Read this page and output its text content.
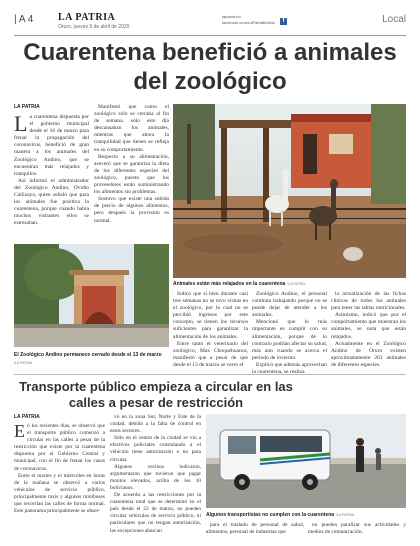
| A 4 LA PATRIA
Oruro, jueves 9 de abril de 2020
lapatria.bo
facebook.com/LaPatriaBolivia	f	Local
Cuarentena benefició a animales del zoológico
LA PATRIA

La cuarentena dispuesta por el gobierno municipal desde el 16 de marzo para frenar la propagación del coronavirus, benefició de gran manera a los animales del Zoológico Andino, que se encuentran más relajados y tranquilos.

Así informó el administrador del Zoológico Andino, Ovidio Callizaya, quien señaló que para los animales fue positiva la cuarentena, porque cuando había muchos visitantes ellos se estresaban.

Manifestó que como el zoológico sólo se cerraba al fin de semana, sólo este día descansaban los animales, mientras que ahora la tranquilidad que tienen se refleja en su comportamiento.

Respecto a su alimentación, aseveró que se garantiza la dieta de los diferentes especies del zoológico, puesto que los proveedores están suministrando los alimentos sin problemas.

Sostuvo que existe una subida de precio de algunos alimentos, pero después la provisión es normal.

Animales están más relajados en la cuarentena /LA PATRIA
El Zoológico Andino permanece cerrado desde el 13 de marzo
/LA PATRIA

Indicó que si bien durante casi tres semanas no se tuvo visitas en el zoológico, por lo cual no se percibió ingresos por este concepto, se tienen los recursos suficientes para garantizar la alimentación de los animales.

Entre tanto el veterinario del zoológico, Max Choquehuanca, manifestó que a pesar de que desde el 13 de marzo se cerró el

Zoológico Andino, el personal continúa trabajando porque no se puede dejar de atender a los animales.

Mencionó que lo más importante es cumplir con su alimentación, porque de lo contrario podrían afectar su salud, más aún cuando se acerca el periodo de invierno.

Explicó que además aprovechan la cuarentena, se realiza

la actualización de las fichas clínicas de todos los animales para tener las tablas nutricionales.

Asimismo, indicó que por el comportamiento que muestran los animales, se nota que están relajados.

Actualmente en el Zoológico Andino de Oruro existen aproximadamente 263 animales de diferentes especies.

Transporte público empieza a circular en las calles a pesar de restricción
LA PATRIA

En los recientes días, se observó que el transporte público comenzó a circular en las calles a pesar de la restricción que existe por la cuarentena dispuesta por el Gobierno Central y municipal, con el fin de frenar los casos de coronavirus.

Entre el martes y el miércoles en horas de la mañana se observó a varios vehículos de servicio público, principalmente taxis y algunos minibuses que recorrían las calles de forma normal. Este panorama principalmente se obser-

vó en la zona Sur, Norte y Este de la ciudad, debido a la falta de control en estos sectores.

Sólo en el centro de la ciudad se vio a efectivos policiales controlando a el vehículo tiene autorización o no para circular.

Algunos vecinos indicaron, argumentaron que tuvieron que pagar montos elevados, arriba de los 10 bolivianos.

De acuerdo a las restricciones por la cuarentena total que se determinó en el país desde el 22 de marzo, no pueden circular vehículos de servicio público, ni particulares que no tengan autorización, las excepciones abarcan

Algunos transportistas no cumplen con la cuarentena /LA PATRIA

para el traslado de personal de salud, alimentos, personal de industrias que

no pueden paralizar sus actividades y medios de comunicación.
